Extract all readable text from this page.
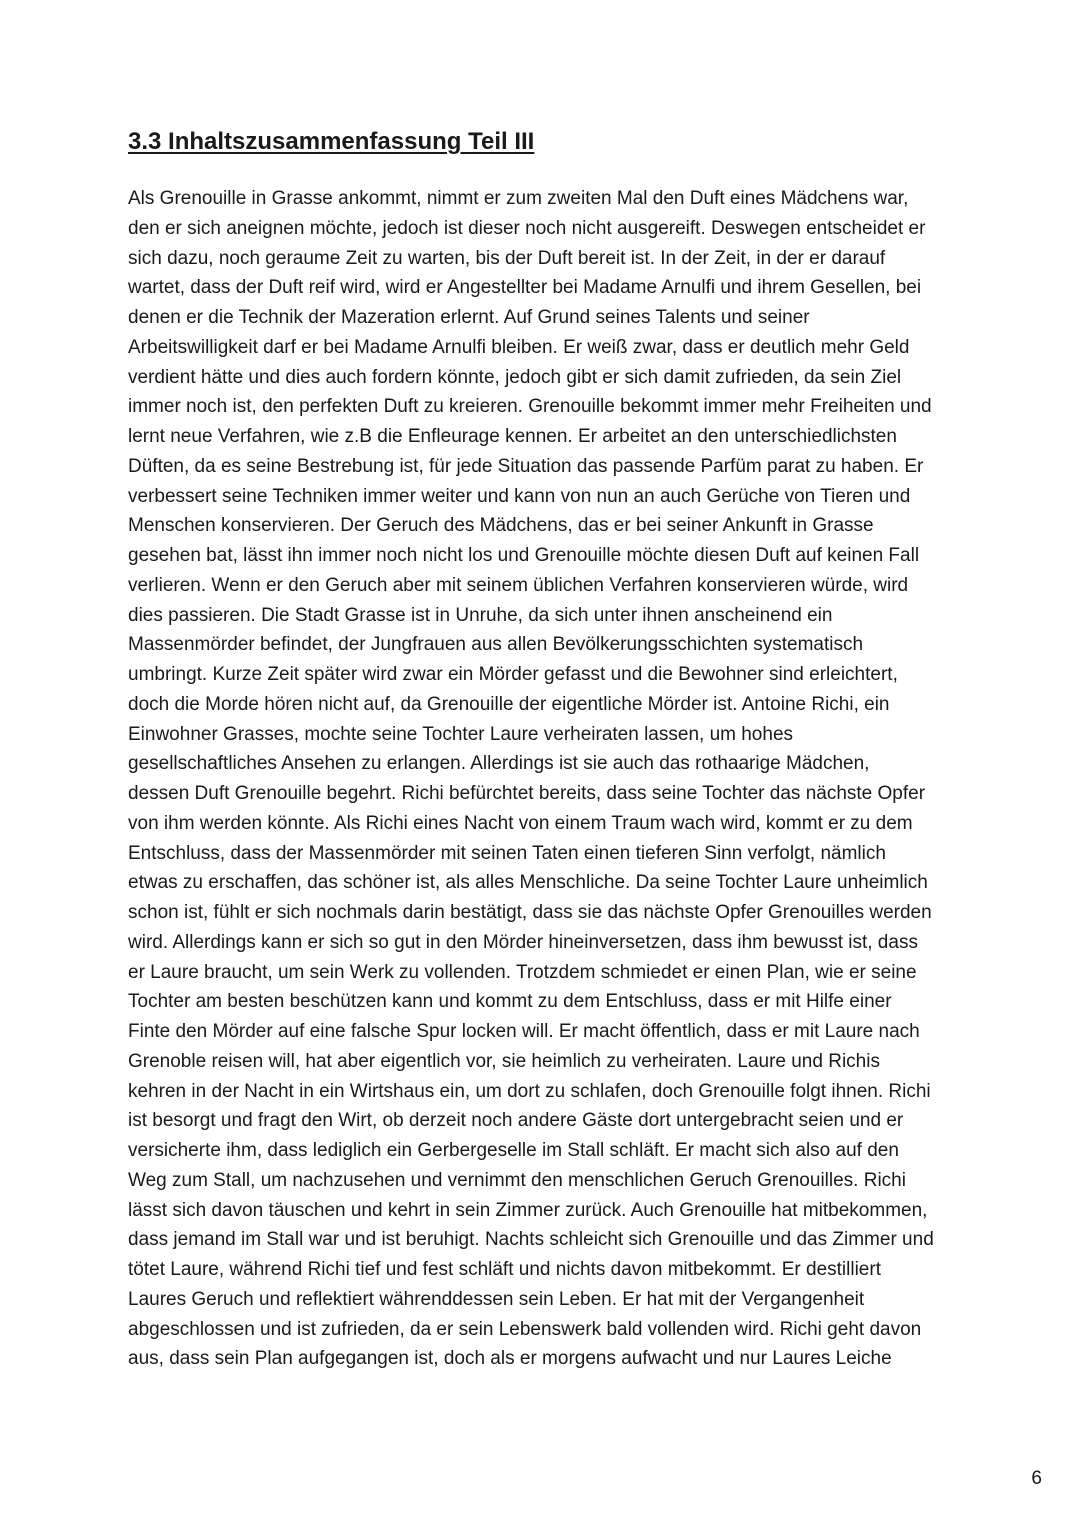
3.3 Inhaltszusammenfassung Teil III
Als Grenouille in Grasse ankommt, nimmt er zum zweiten Mal den Duft eines Mädchens war,
den er sich aneignen möchte, jedoch ist dieser noch nicht ausgereift. Deswegen entscheidet er
sich dazu, noch geraume Zeit zu warten, bis der Duft bereit ist. In der Zeit, in der er darauf
wartet, dass der Duft reif wird, wird er Angestellter bei Madame Arnulfi und ihrem Gesellen, bei
denen er die Technik der Mazeration erlernt. Auf Grund seines Talents und seiner
Arbeitswilligkeit darf er bei Madame Arnulfi bleiben. Er weiß zwar, dass er deutlich mehr Geld
verdient hätte und dies auch fordern könnte, jedoch gibt er sich damit zufrieden, da sein Ziel
immer noch ist, den perfekten Duft zu kreieren. Grenouille bekommt immer mehr Freiheiten und
lernt neue Verfahren, wie z.B die Enfleurage kennen. Er arbeitet an den unterschiedlichsten
Düften, da es seine Bestrebung ist, für jede Situation das passende Parfüm parat zu haben. Er
verbessert seine Techniken immer weiter und kann von nun an auch Gerüche von Tieren und
Menschen konservieren. Der Geruch des Mädchens, das er bei seiner Ankunft in Grasse
gesehen bat, lässt ihn immer noch nicht los und Grenouille möchte diesen Duft auf keinen Fall
verlieren. Wenn er den Geruch aber mit seinem üblichen Verfahren konservieren würde, wird
dies passieren. Die Stadt Grasse ist in Unruhe, da sich unter ihnen anscheinend ein
Massenmörder befindet, der Jungfrauen aus allen Bevölkerungsschichten systematisch
umbringt. Kurze Zeit später wird zwar ein Mörder gefasst und die Bewohner sind erleichtert,
doch die Morde hören nicht auf, da Grenouille der eigentliche Mörder ist. Antoine Richi, ein
Einwohner Grasses, mochte seine Tochter Laure verheiraten lassen, um hohes
gesellschaftliches Ansehen zu erlangen. Allerdings ist sie auch das rothaarige Mädchen,
dessen Duft Grenouille begehrt. Richi befürchtet bereits, dass seine Tochter das nächste Opfer
von ihm werden könnte. Als Richi eines Nacht von einem Traum wach wird, kommt er zu dem
Entschluss, dass der Massenmörder mit seinen Taten einen tieferen Sinn verfolgt, nämlich
etwas zu erschaffen, das schöner ist, als alles Menschliche. Da seine Tochter Laure unheimlich
schon ist, fühlt er sich nochmals darin bestätigt, dass sie das nächste Opfer Grenouilles werden
wird. Allerdings kann er sich so gut in den Mörder hineinversetzen, dass ihm bewusst ist, dass
er Laure braucht, um sein Werk zu vollenden. Trotzdem schmiedet er einen Plan, wie er seine
Tochter am besten beschützen kann und kommt zu dem Entschluss, dass er mit Hilfe einer
Finte den Mörder auf eine falsche Spur locken will. Er macht öffentlich, dass er mit Laure nach
Grenoble reisen will, hat aber eigentlich vor, sie heimlich zu verheiraten. Laure und Richis
kehren in der Nacht in ein Wirtshaus ein, um dort zu schlafen, doch Grenouille folgt ihnen. Richi
ist besorgt und fragt den Wirt, ob derzeit noch andere Gäste dort untergebracht seien und er
versicherte ihm, dass lediglich ein Gerbergeselle im Stall schläft. Er macht sich also auf den
Weg zum Stall, um nachzusehen und vernimmt den menschlichen Geruch Grenouilles. Richi
lässt sich davon täuschen und kehrt in sein Zimmer zurück. Auch Grenouille hat mitbekommen,
dass jemand im Stall war und ist beruhigt. Nachts schleicht sich Grenouille und das Zimmer und
tötet Laure, während Richi tief und fest schläft und nichts davon mitbekommt. Er destilliert
Laures Geruch und reflektiert währenddessen sein Leben. Er hat mit der Vergangenheit
abgeschlossen und ist zufrieden, da er sein Lebenswerk bald vollenden wird. Richi geht davon
aus, dass sein Plan aufgegangen ist, doch als er morgens aufwacht und nur Laures Leiche
6
